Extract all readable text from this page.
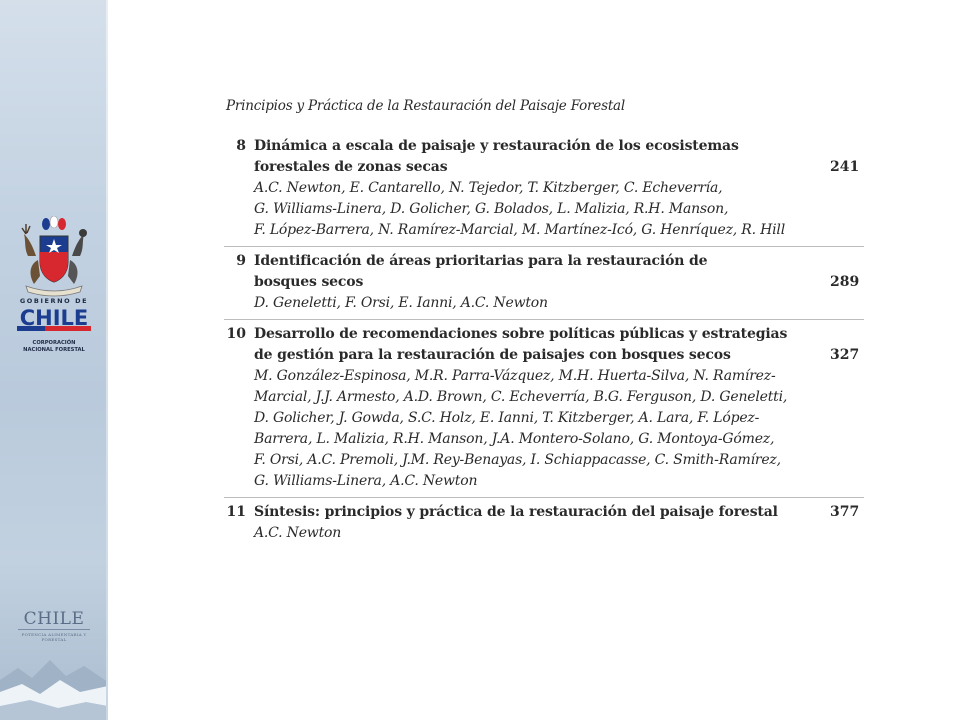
GOBIERNO DE
CHILE
CORPORACIÓN
NACIONAL FORESTAL
CHILE
POTENCIA ALIMENTARIA Y FORESTAL
Principios y Práctica de la Restauración del Paisaje Forestal
8 Dinámica a escala de paisaje y restauración de los ecosistemas
forestales de zonas secas
A.C. Newton, E. Cantarello, N. Tejedor, T. Kitzberger, C. Echeverría,
G. Williams-Linera, D. Golicher, G. Bolados, L. Malizia, R.H. Manson,
F. López-Barrera, N. Ramírez-Marcial, M. Martínez-Icó, G. Henríquez, R. Hill
241
9 Identificación de áreas prioritarias para la restauración de
bosques secos
D. Geneletti, F. Orsi, E. Ianni, A.C. Newton
289
10 Desarrollo de recomendaciones sobre políticas públicas y estrategias
de gestión para la restauración de paisajes con bosques secos
M. González-Espinosa, M.R. Parra-Vázquez, M.H. Huerta-Silva, N. Ramírez-
Marcial, J.J. Armesto, A.D. Brown, C. Echeverría, B.G. Ferguson, D. Geneletti,
D. Golicher, J. Gowda, S.C. Holz, E. Ianni, T. Kitzberger, A. Lara, F. López-
Barrera, L. Malizia, R.H. Manson, J.A. Montero-Solano, G. Montoya-Gómez,
F. Orsi, A.C. Premoli, J.M. Rey-Benayas, I. Schiappacasse, C. Smith-Ramírez,
G. Williams-Linera, A.C. Newton
327
11 Síntesis: principios y práctica de la restauración del paisaje forestal
A.C. Newton
377
